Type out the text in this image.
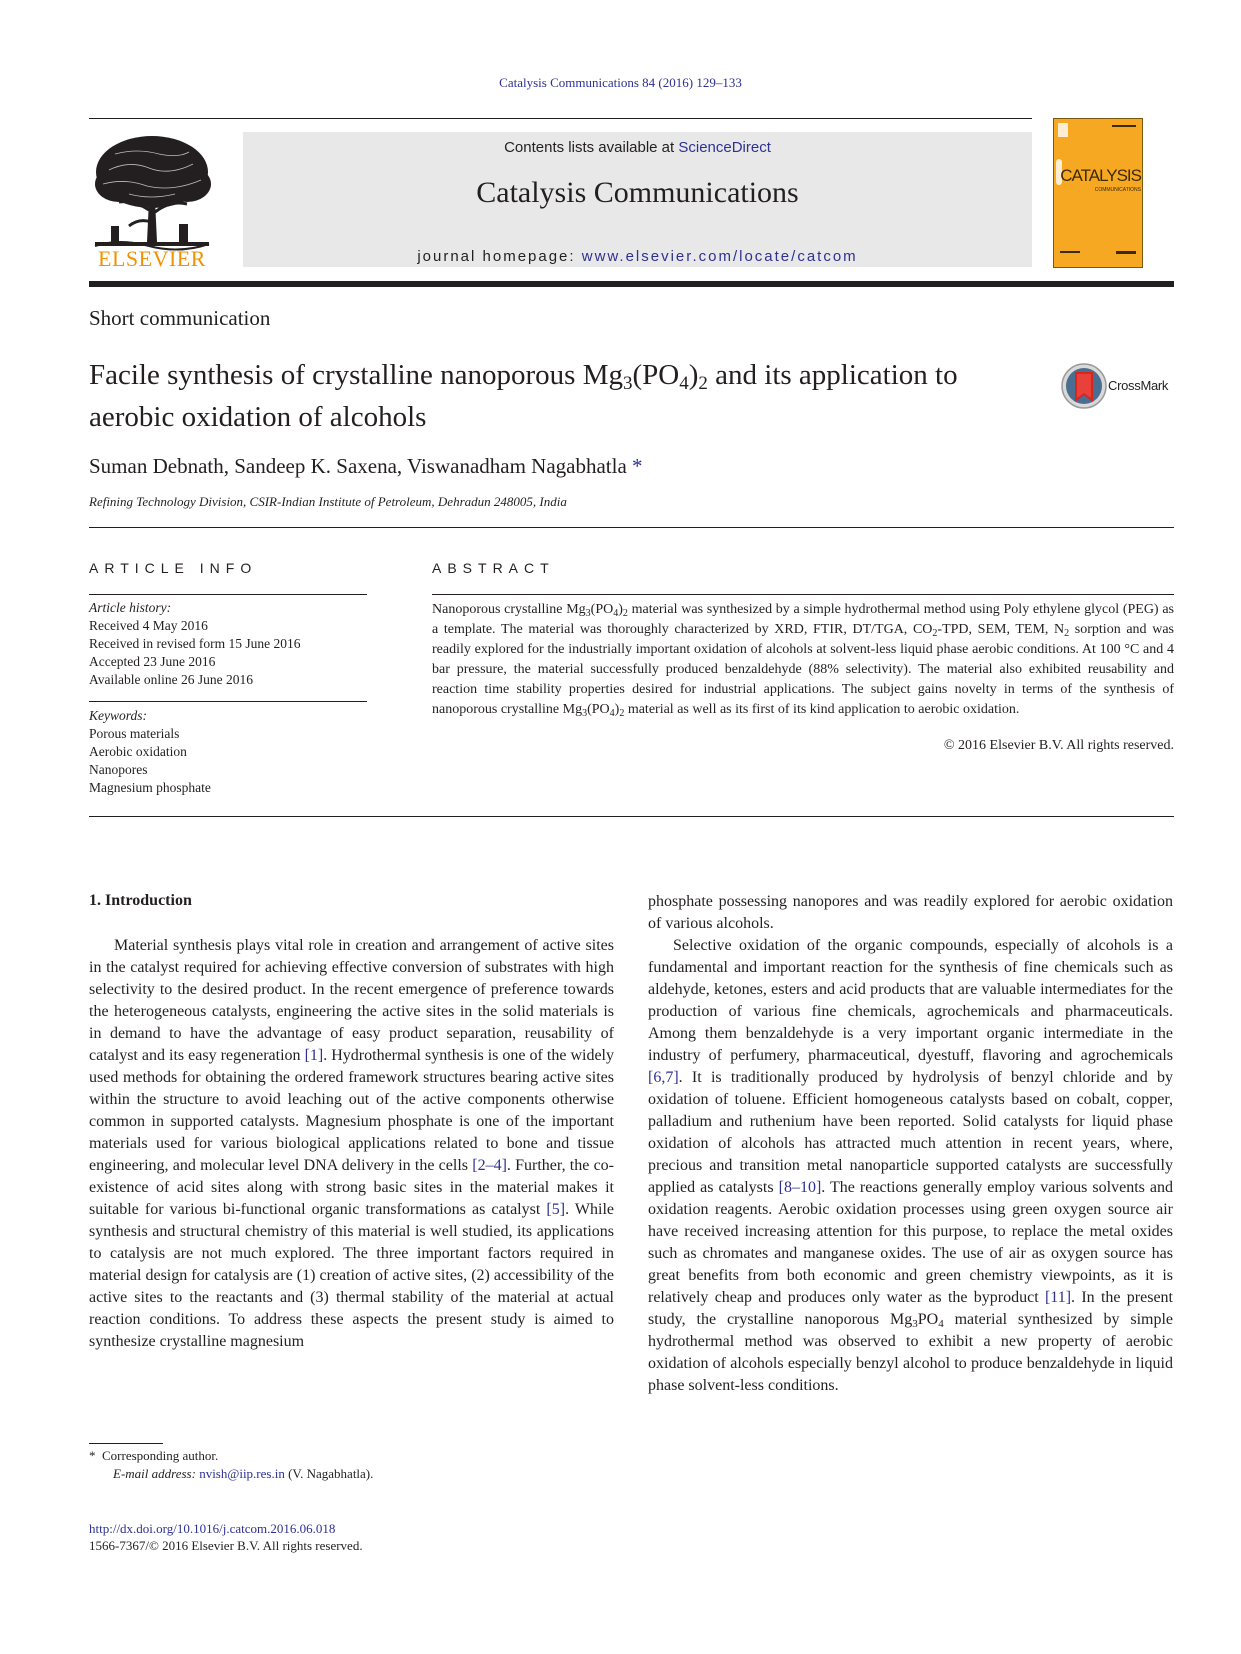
Catalysis Communications 84 (2016) 129–133
ELSEVIER
Contents lists available at ScienceDirect
Catalysis Communications
journal homepage: www.elsevier.com/locate/catcom
CATALYSIS
COMMUNICATIONS
Short communication
Facile synthesis of crystalline nanoporous $Mg_3(PO_4)_2$ and its application to aerobic oxidation of alcohols
CrossMark
Suman Debnath, Sandeep K. Saxena, Viswanadham Nagabhatla *
Refining Technology Division, CSIR-Indian Institute of Petroleum, Dehradun 248005, India
ARTICLE INFO
Article history:
Received 4 May 2016
Received in revised form 15 June 2016
Accepted 23 June 2016
Available online 26 June 2016
Keywords:
Porous materials
Aerobic oxidation
Nanopores
Magnesium phosphate
ABSTRACT

Nanoporous crystalline $Mg_3(PO_4)_2$ material was synthesized by a simple hydrothermal method using Poly ethylene glycol (PEG) as a template. The material was thoroughly characterized by XRD, FTIR, DT/TGA, $CO_2$-TPD, SEM, TEM, $N_2$ sorption and was readily explored for the industrially important oxidation of alcohols at solvent-less liquid phase aerobic conditions. At 100 °C and 4 bar pressure, the material successfully produced benzaldehyde (88% selectivity). The material also exhibited reusability and reaction time stability properties desired for industrial applications. The subject gains novelty in terms of the synthesis of nanoporous crystalline $Mg_3(PO_4)_2$ material as well as its first of its kind application to aerobic oxidation.

© 2016 Elsevier B.V. All rights reserved.
1. Introduction

Material synthesis plays vital role in creation and arrangement of active sites in the catalyst required for achieving effective conversion of substrates with high selectivity to the desired product. In the recent emergence of preference towards the heterogeneous catalysts, engineering the active sites in the solid materials is in demand to have the advantage of easy product separation, reusability of catalyst and its easy regeneration [1]. Hydrothermal synthesis is one of the widely used methods for obtaining the ordered framework structures bearing active sites within the structure to avoid leaching out of the active components otherwise common in supported catalysts. Magnesium phosphate is one of the important materials used for various biological applications related to bone and tissue engineering, and molecular level DNA delivery in the cells [2–4]. Further, the co-existence of acid sites along with strong basic sites in the material makes it suitable for various bi-functional organic transformations as catalyst [5]. While synthesis and structural chemistry of this material is well studied, its applications to catalysis are not much explored. The three important factors required in material design for catalysis are (1) creation of active sites, (2) accessibility of the active sites to the reactants and (3) thermal stability of the material at actual reaction conditions. To address these aspects the present study is aimed to synthesize crystalline magnesium

phosphate possessing nanopores and was readily explored for aerobic oxidation of various alcohols.

Selective oxidation of the organic compounds, especially of alcohols is a fundamental and important reaction for the synthesis of fine chemicals such as aldehyde, ketones, esters and acid products that are valuable intermediates for the production of various fine chemicals, agrochemicals and pharmaceuticals. Among them benzaldehyde is a very important organic intermediate in the industry of perfumery, pharmaceutical, dyestuff, flavoring and agrochemicals [6,7]. It is traditionally produced by hydrolysis of benzyl chloride and by oxidation of toluene. Efficient homogeneous catalysts based on cobalt, copper, palladium and ruthenium have been reported. Solid catalysts for liquid phase oxidation of alcohols has attracted much attention in recent years, where, precious and transition metal nanoparticle supported catalysts are successfully applied as catalysts [8–10]. The reactions generally employ various solvents and oxidation reagents. Aerobic oxidation processes using green oxygen source air have received increasing attention for this purpose, to replace the metal oxides such as chromates and manganese oxides. The use of air as oxygen source has great benefits from both economic and green chemistry viewpoints, as it is relatively cheap and produces only water as the byproduct [11]. In the present study, the crystalline nanoporous $Mg_3PO_4$ material synthesized by simple hydrothermal method was observed to exhibit a new property of aerobic oxidation of alcohols especially benzyl alcohol to produce benzaldehyde in liquid phase solvent-less conditions.

* Corresponding author.
E-mail address: nvish@iip.res.in (V. Nagabhatla).
http://dx.doi.org/10.1016/j.catcom.2016.06.018
1566-7367/© 2016 Elsevier B.V. All rights reserved.
